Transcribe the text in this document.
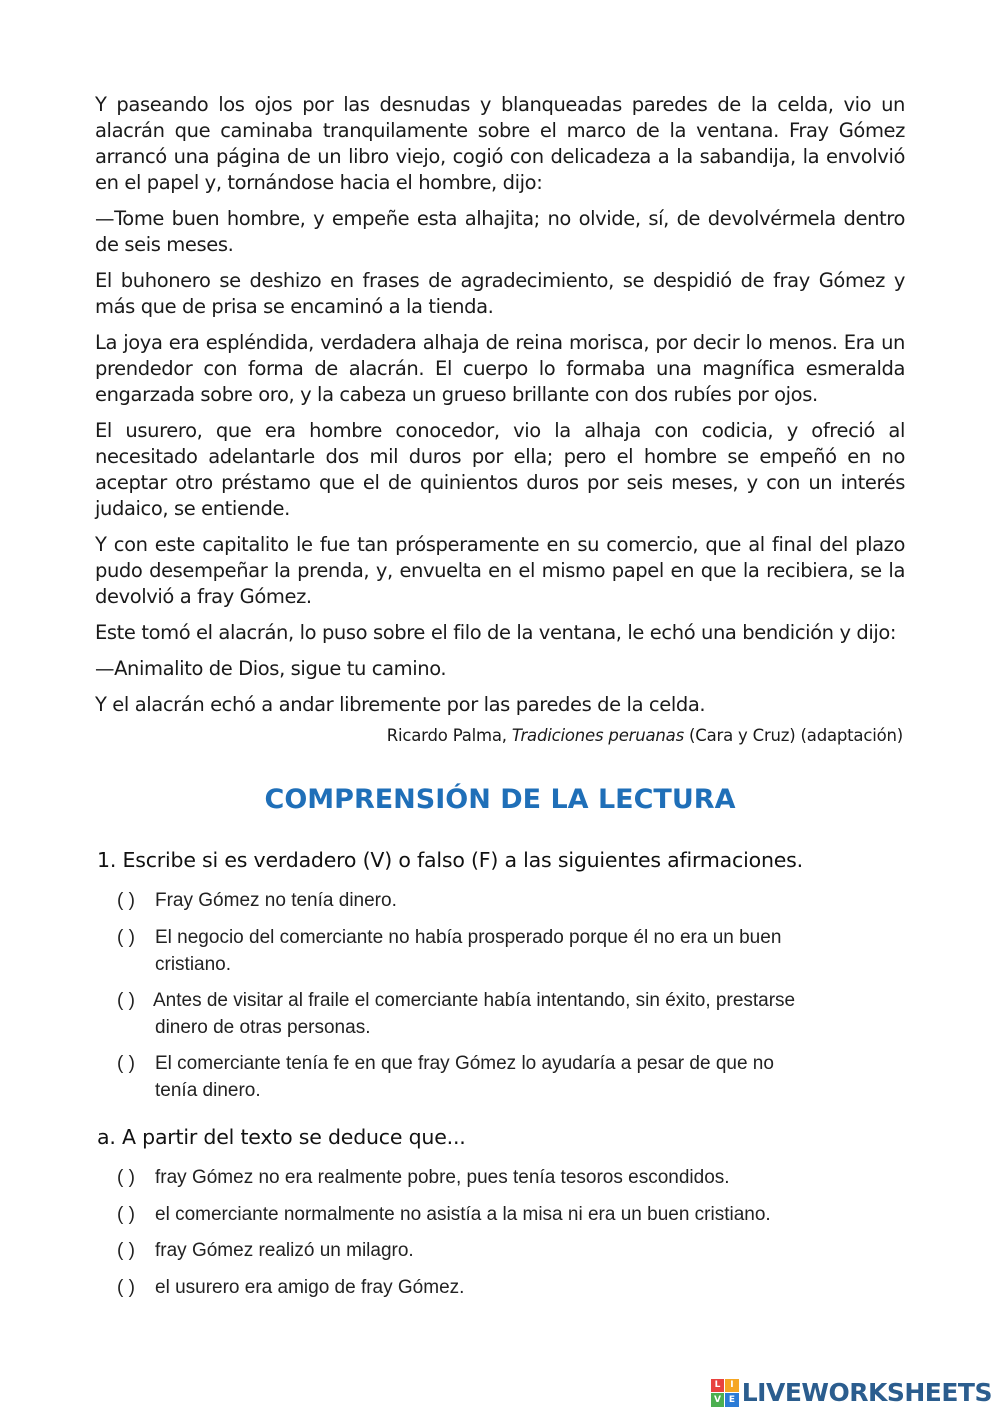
Y paseando los ojos por las desnudas y blanqueadas paredes de la celda, vio un alacrán que caminaba tranquilamente sobre el marco de la ventana. Fray Gómez arrancó una página de un libro viejo, cogió con delicadeza a la sabandija, la envolvió en el papel y, tornándose hacia el hombre, dijo:

—Tome buen hombre, y empeñe esta alhajita; no olvide, sí, de devolvérmela dentro de seis meses.

El buhonero se deshizo en frases de agradecimiento, se despidió de fray Gómez y más que de prisa se encaminó a la tienda.

La joya era espléndida, verdadera alhaja de reina morisca, por decir lo menos. Era un prendedor con forma de alacrán. El cuerpo lo formaba una magnífica esmeralda engarzada sobre oro, y la cabeza un grueso brillante con dos rubíes por ojos.

El usurero, que era hombre conocedor, vio la alhaja con codicia, y ofreció al necesitado adelantarle dos mil duros por ella; pero el hombre se empeñó en no aceptar otro préstamo que el de quinientos duros por seis meses, y con un interés judaico, se entiende.

Y con este capitalito le fue tan prósperamente en su comercio, que al final del plazo pudo desempeñar la prenda, y, envuelta en el mismo papel en que la recibiera, se la devolvió a fray Gómez.

Este tomó el alacrán, lo puso sobre el filo de la ventana, le echó una bendición y dijo:

—Animalito de Dios, sigue tu camino.

Y el alacrán echó a andar libremente por las paredes de la celda.

Ricardo Palma, Tradiciones peruanas (Cara y Cruz) (adaptación)
COMPRENSIÓN DE LA LECTURA
1. Escribe si es verdadero (V) o falso (F) a las siguientes afirmaciones.
( ) Fray Gómez no tenía dinero.
( ) El negocio del comerciante no había prosperado porque él no era un buen
cristiano.
( ) Antes de visitar al fraile el comerciante había intentando, sin éxito, prestarse
dinero de otras personas.
( ) El comerciante tenía fe en que fray Gómez lo ayudaría a pesar de que no
tenía dinero.
a. A partir del texto se deduce que...
( ) fray Gómez no era realmente pobre, pues tenía tesoros escondidos.
( ) el comerciante normalmente no asistía a la misa ni era un buen cristiano.
( ) fray Gómez realizó un milagro.
( ) el usurero era amigo de fray Gómez.
L	I
V E LIVEWORKSHEETS
